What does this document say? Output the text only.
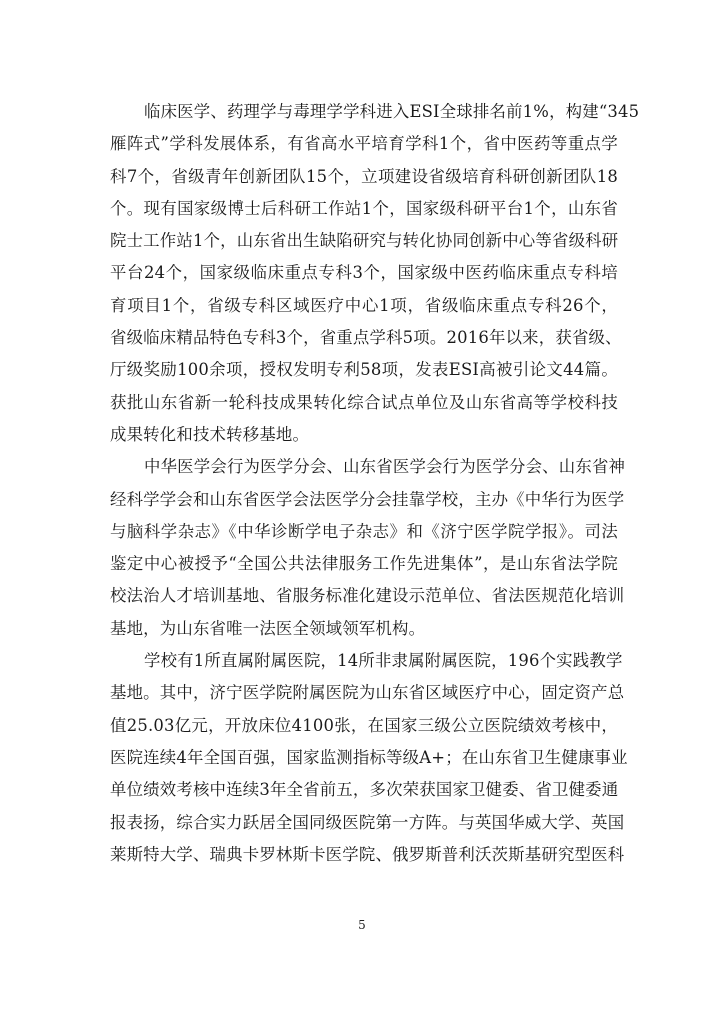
临床医学、药理学与毒理学学科进入ESI全球排名前1%，构建“345
雁阵式”学科发展体系，有省高水平培育学科1个，省中医药等重点学
科7个，省级青年创新团队15个，立项建设省级培育科研创新团队18
个。现有国家级博士后科研工作站1个，国家级科研平台1个，山东省
院士工作站1个，山东省出生缺陷研究与转化协同创新中心等省级科研
平台24个，国家级临床重点专科3个，国家级中医药临床重点专科培
育项目1个，省级专科区域医疗中心1项，省级临床重点专科26个，
省级临床精品特色专科3个，省重点学科5项。2016年以来，获省级、
厅级奖励100余项，授权发明专利58项，发表ESI高被引论文44篇。
获批山东省新一轮科技成果转化综合试点单位及山东省高等学校科技
成果转化和技术转移基地。
中华医学会行为医学分会、山东省医学会行为医学分会、山东省神
经科学学会和山东省医学会法医学分会挂靠学校，主办《中华行为医学
与脑科学杂志》《中华诊断学电子杂志》和《济宁医学院学报》。司法
鉴定中心被授予“全国公共法律服务工作先进集体”，是山东省法学院
校法治人才培训基地、省服务标准化建设示范单位、省法医规范化培训
基地，为山东省唯一法医全领域领军机构。
学校有1所直属附属医院，14所非隶属附属医院，196个实践教学
基地。其中，济宁医学院附属医院为山东省区域医疗中心，固定资产总
值25.03亿元，开放床位4100张，在国家三级公立医院绩效考核中，
医院连续4年全国百强，国家监测指标等级A+；在山东省卫生健康事业
单位绩效考核中连续3年全省前五，多次荣获国家卫健委、省卫健委通
报表扬，综合实力跃居全国同级医院第一方阵。与英国华威大学、英国
莱斯特大学、瑞典卡罗林斯卡医学院、俄罗斯普利沃茨斯基研究型医科
5
